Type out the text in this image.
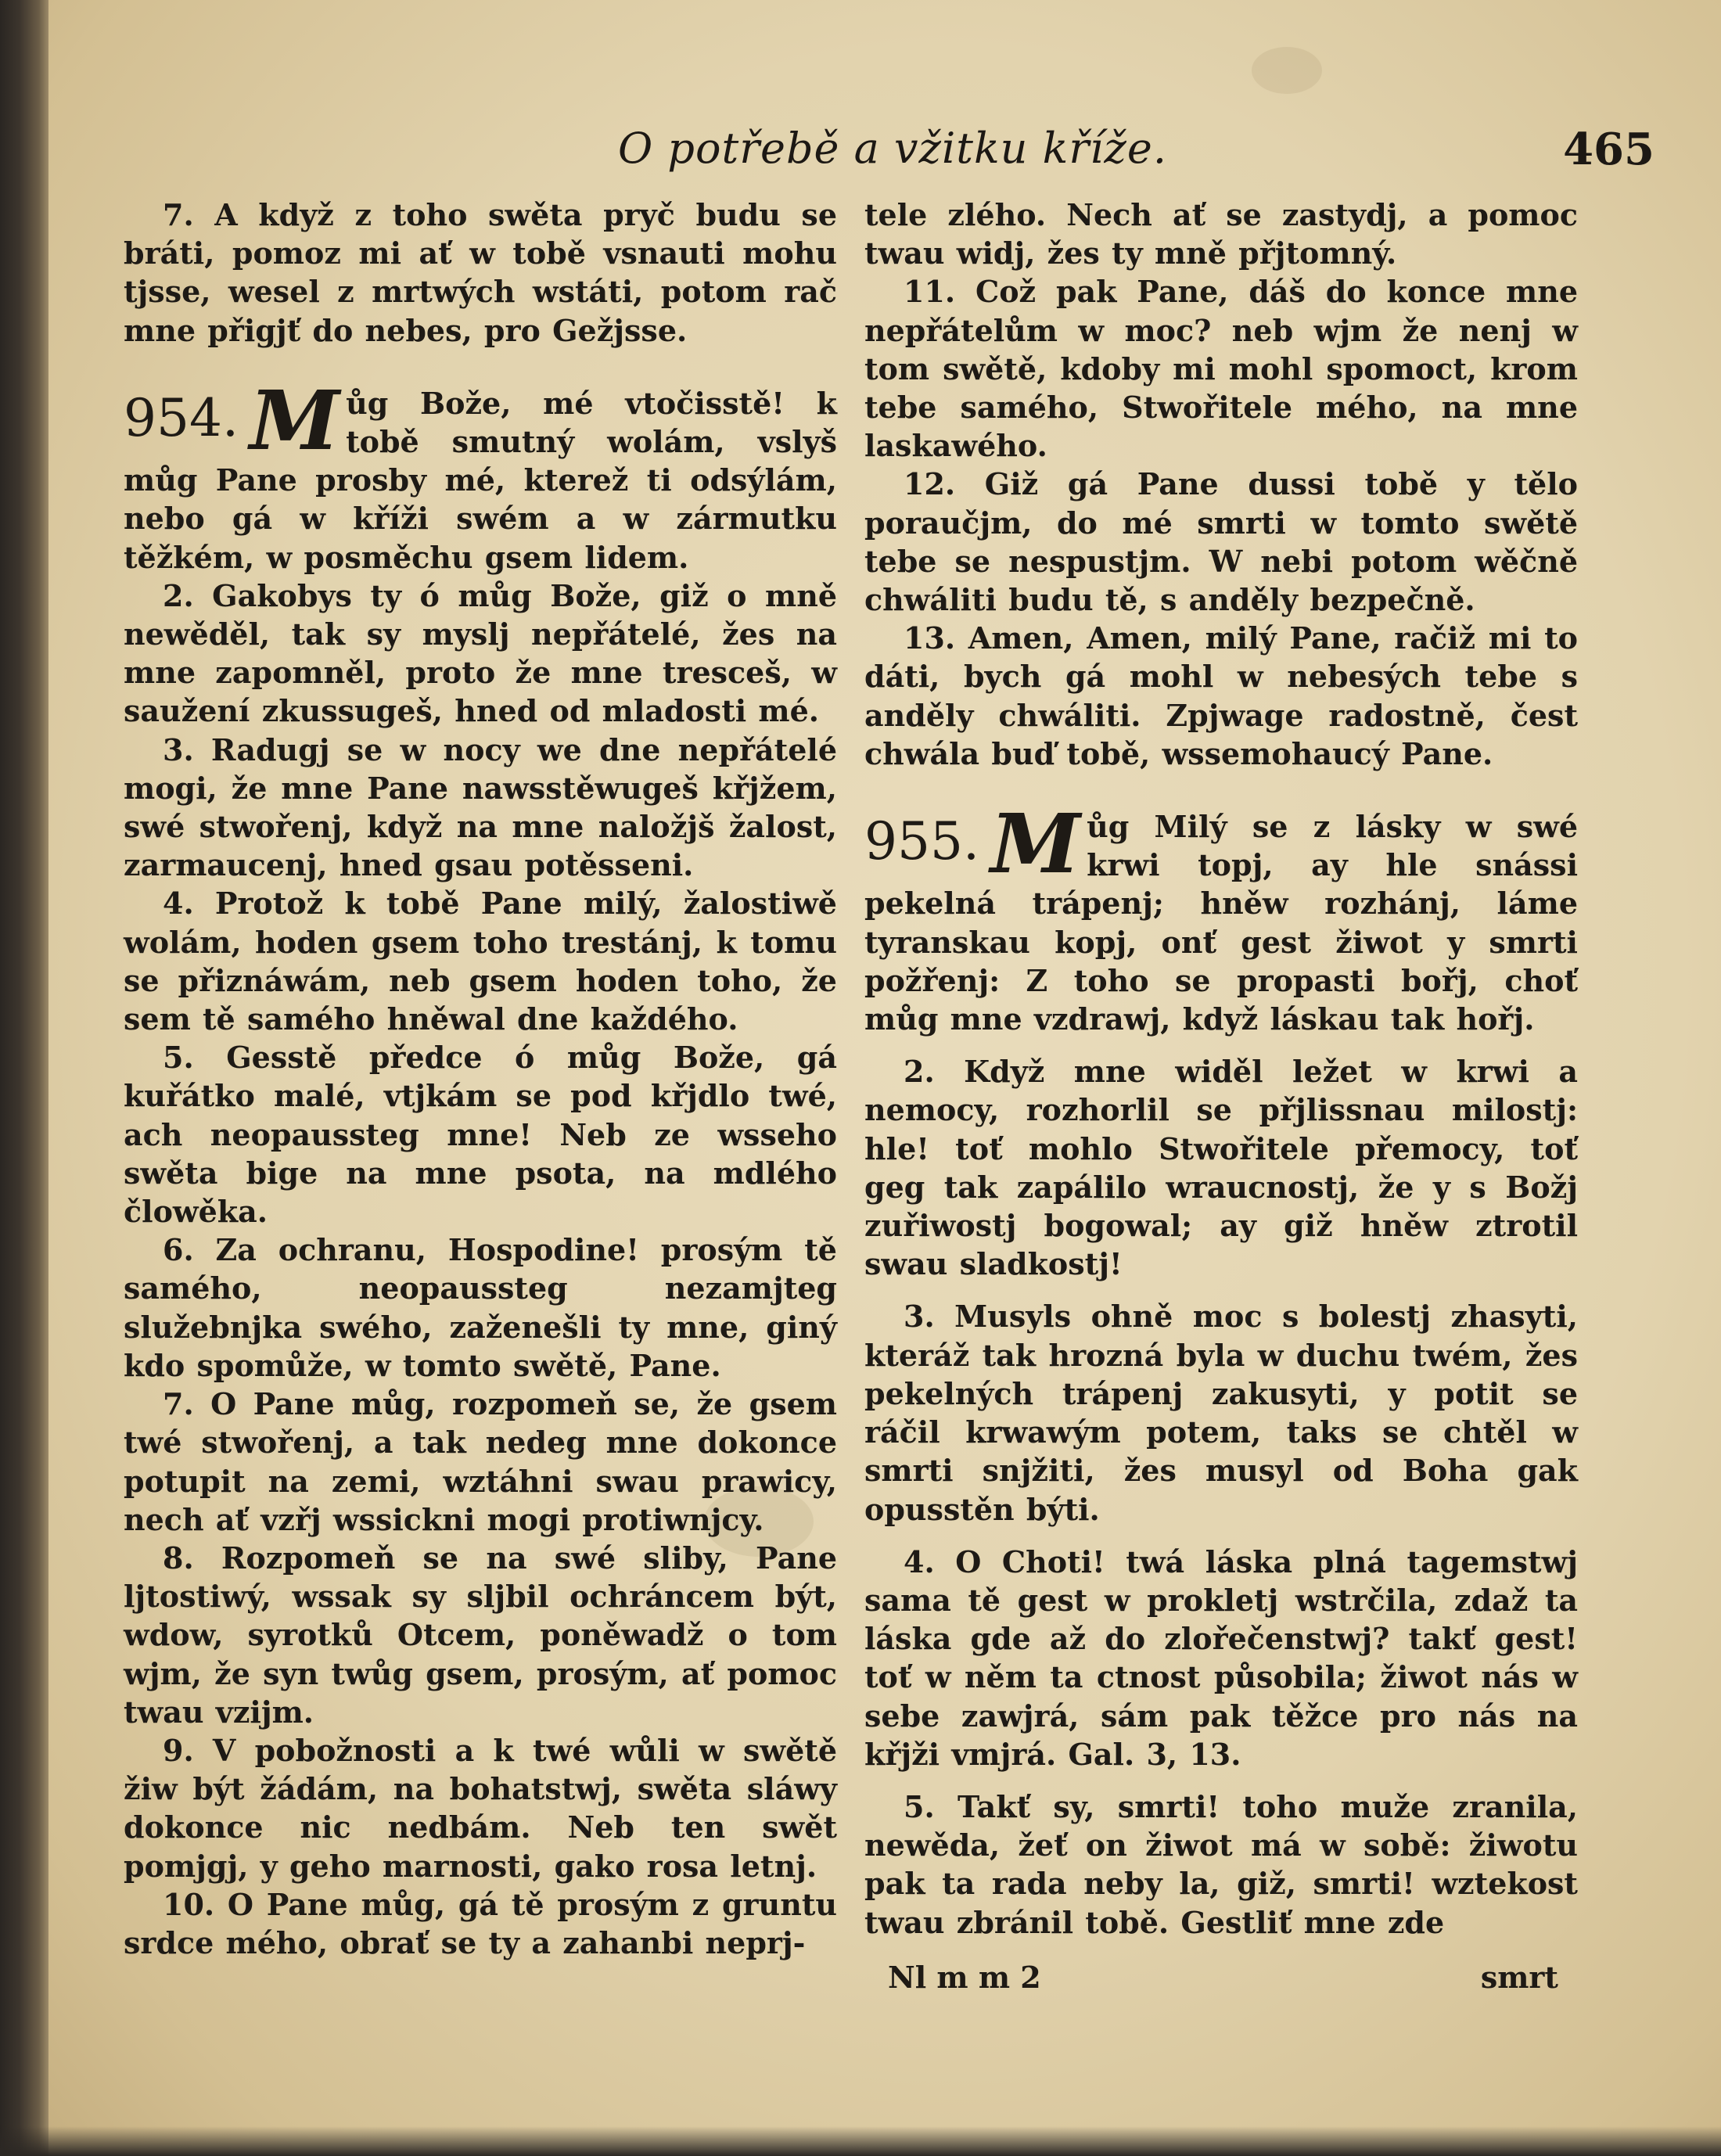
O potřebě a vžitku kříže.	465

7. A když z toho swěta pryč budu se bráti, pomoz mi ať w tobě vsnauti mohu tjsse, wesel z mrtwých wstáti, potom rač mne přigjť do nebes, pro Gežjsse.

954. M ůg Bože, mé vtočisstě! k tobě smutný wolám, vslyš můg Pane prosby mé, kterež ti odsýlám, nebo gá w kříži swém a w zármutku těžkém, w posměchu gsem lidem.

2. Gakobys ty ó můg Bože, giž o mně newěděl, tak sy myslj nepřátelé, žes na mne zapomněl, proto že mne tresceš, w saužení zkussugeš, hned od mladosti mé.

3. Radugj se w nocy we dne nepřátelé mogi, že mne Pane nawsstěwugeš křjžem, swé stwořenj, když na mne naložjš žalost, zarmaucenj, hned gsau potěsseni.

4. Protož k tobě Pane milý, žalostiwě wolám, hoden gsem toho trestánj, k tomu se přiznáwám, neb gsem hoden toho, že sem tě samého hněwal dne každého.

5. Gesstě předce ó můg Bože, gá kuřátko malé, vtjkám se pod křjdlo twé, ach neopaussteg mne! Neb ze wsseho swěta bige na mne psota, na mdlého člowěka.

6. Za ochranu, Hospodine! prosým tě samého, neopaussteg nezamjteg služebnjka swého, zaženešli ty mne, giný kdo spomůže, w tomto swětě, Pane.

7. O Pane můg, rozpomeň se, že gsem twé stwořenj, a tak nedeg mne dokonce potupit na zemi, wztáhni swau prawicy, nech ať vzřj wssickni mogi protiwnjcy.

8. Rozpomeň se na swé sliby, Pane ljtostiwý, wssak sy sljbil ochráncem být, wdow, syrotků Otcem, poněwadž o tom wjm, že syn twůg gsem, prosým, ať pomoc twau vzijm.

9. V pobožnosti a k twé wůli w swětě žiw být žádám, na bohatstwj, swěta sláwy dokonce nic nedbám. Neb ten swět pomjgj, y geho marnosti, gako rosa letnj.

10. O Pane můg, gá tě prosým z gruntu srdce mého, obrať se ty a zahanbi neprj-

tele zlého. Nech ať se zastydj, a pomoc twau widj, žes ty mně přjtomný.

11. Což pak Pane, dáš do konce mne nepřátelům w moc? neb wjm že nenj w tom swětě, kdoby mi mohl spomoct, krom tebe samého, Stwořitele mého, na mne laskawého.

12. Giž gá Pane dussi tobě y tělo poraučjm, do mé smrti w tomto swětě tebe se nespustjm. W nebi potom wěčně chwáliti budu tě, s anděly bezpečně.

13. Amen, Amen, milý Pane, račiž mi to dáti, bych gá mohl w nebesých tebe s anděly chwáliti. Zpjwage radostně, čest chwála buď tobě, wssemohaucý Pane.

955. M ůg Milý se z lásky w swé krwi topj, ay hle snássi pekelná trápenj; hněw rozhánj, láme tyranskau kopj, onť gest žiwot y smrti požřenj: Z toho se propasti bořj, choť můg mne vzdrawj, když láskau tak hořj.

2. Když mne widěl ležet w krwi a nemocy, rozhorlil se přjlissnau milostj: hle! toť mohlo Stwořitele přemocy, toť geg tak zapálilo wraucnostj, že y s Božj zuřiwostj bogowal; ay giž hněw ztrotil swau sladkostj!

3. Musyls ohně moc s bolestj zhasyti, kteráž tak hrozná byla w duchu twém, žes pekelných trápenj zakusyti, y potit se ráčil krwawým potem, taks se chtěl w smrti snjžiti, žes musyl od Boha gak opusstěn býti.

4. O Choti! twá láska plná tagemstwj sama tě gest w prokletj wstrčila, zdaž ta láska gde až do zlořečenstwj? takť gest! toť w něm ta ctnost působila; žiwot nás w sebe zawjrá, sám pak těžce pro nás na křjži vmjrá. Gal. 3, 13.

5. Takť sy, smrti! toho muže zranila, newěda, žeť on žiwot má w sobě: žiwotu pak ta rada neby la, giž, smrti! wztekost twau zbránil tobě. Gestliť mne zde

Nl m m 2	smrt
